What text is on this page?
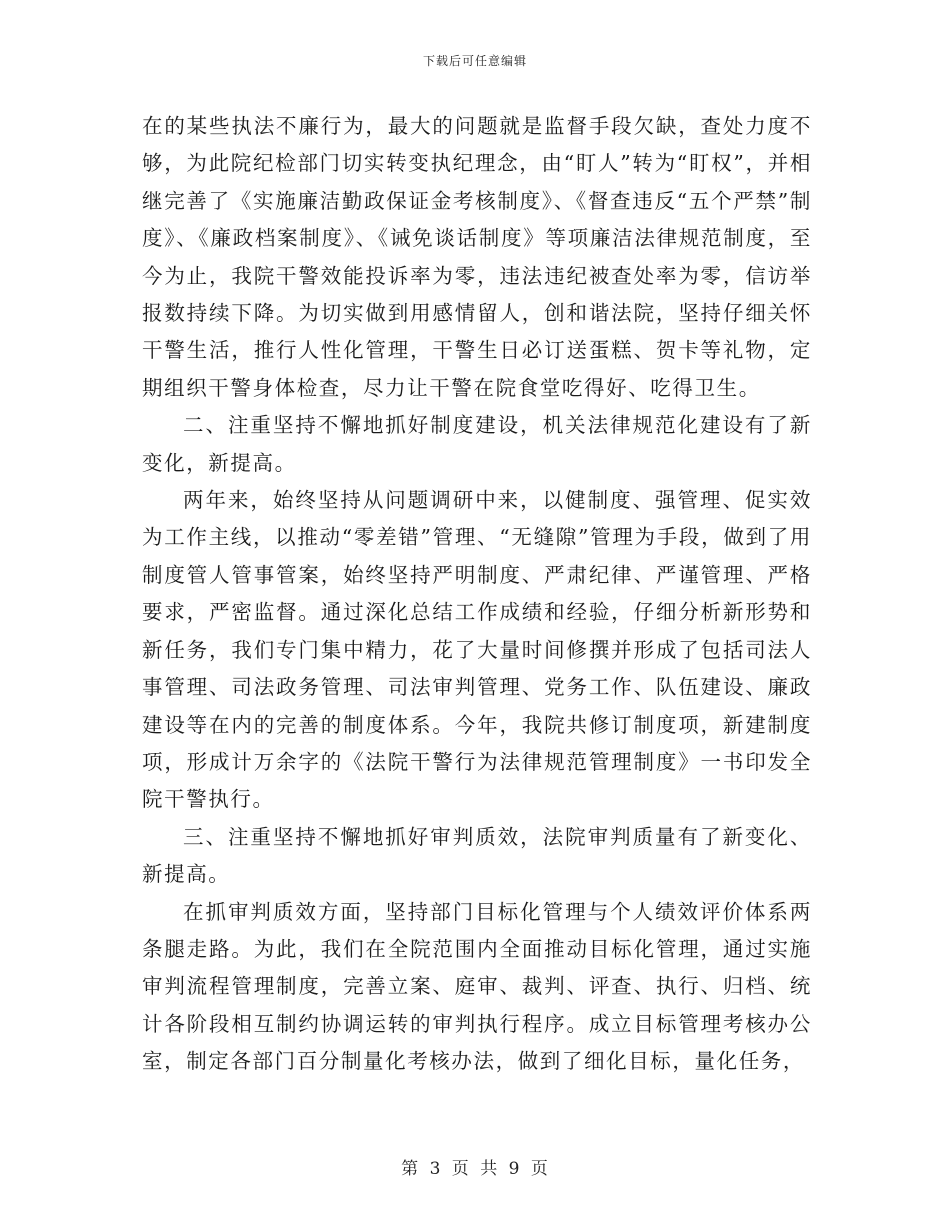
下载后可任意编辑

在的某些执法不廉行为，最大的问题就是监督手段欠缺，查处力度不够，为此院纪检部门切实转变执纪理念，由“盯人”转为“盯权”，并相继完善了《实施廉洁勤政保证金考核制度》、《督查违反“五个严禁”制度》、《廉政档案制度》、《诫免谈话制度》等项廉洁法律规范制度，至今为止，我院干警效能投诉率为零，违法违纪被查处率为零，信访举报数持续下降。为切实做到用感情留人，创和谐法院，坚持仔细关怀干警生活，推行人性化管理，干警生日必订送蛋糕、贺卡等礼物，定期组织干警身体检查，尽力让干警在院食堂吃得好、吃得卫生。

二、注重坚持不懈地抓好制度建设，机关法律规范化建设有了新变化，新提高。

两年来，始终坚持从问题调研中来，以健制度、强管理、促实效为工作主线，以推动“零差错”管理、“无缝隙”管理为手段，做到了用制度管人管事管案，始终坚持严明制度、严肃纪律、严谨管理、严格要求，严密监督。通过深化总结工作成绩和经验，仔细分析新形势和新任务，我们专门集中精力，花了大量时间修撰并形成了包括司法人事管理、司法政务管理、司法审判管理、党务工作、队伍建设、廉政建设等在内的完善的制度体系。今年，我院共修订制度项，新建制度项，形成计万余字的《法院干警行为法律规范管理制度》一书印发全院干警执行。

三、注重坚持不懈地抓好审判质效，法院审判质量有了新变化、新提高。

在抓审判质效方面，坚持部门目标化管理与个人绩效评价体系两条腿走路。为此，我们在全院范围内全面推动目标化管理，通过实施审判流程管理制度，完善立案、庭审、裁判、评查、执行、归档、统计各阶段相互制约协调运转的审判执行程序。成立目标管理考核办公室，制定各部门百分制量化考核办法，做到了细化目标，量化任务，

第 3 页 共 9 页
